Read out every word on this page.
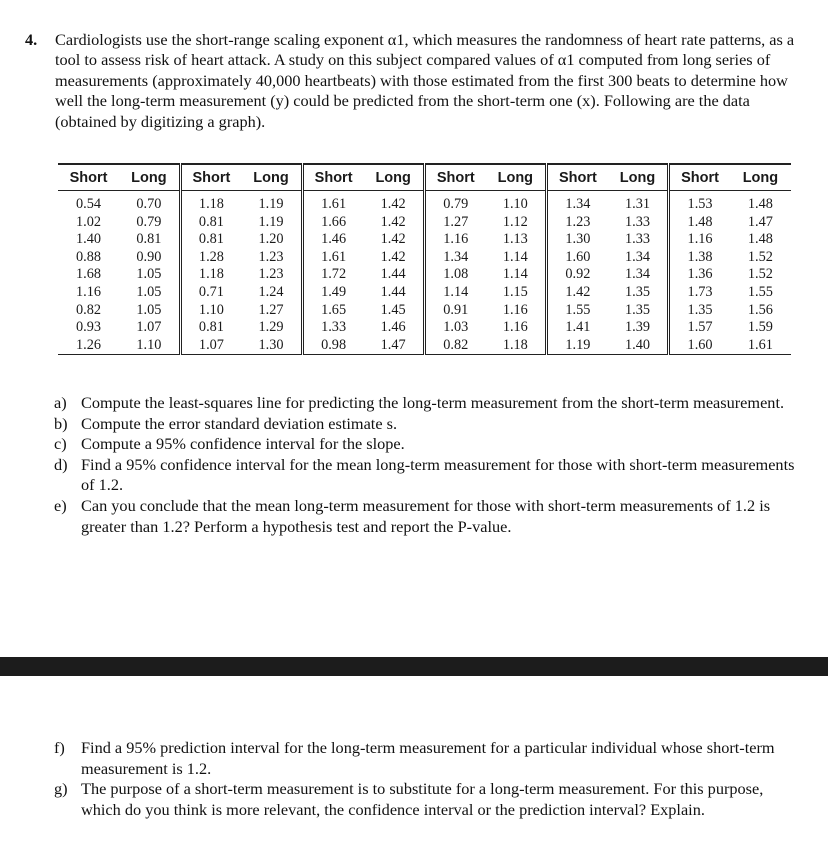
4. Cardiologists use the short-range scaling exponent α1, which measures the randomness of heart rate patterns, as a tool to assess risk of heart attack. A study on this subject compared values of α1 computed from long series of measurements (approximately 40,000 heartbeats) with those estimated from the first 300 beats to determine how well the long-term measurement (y) could be predicted from the short-term one (x). Following are the data (obtained by digitizing a graph).
Short	Long	Short	Long	Short	Long	Short	Long	Short	Long	Short	Long
0.54	0.70	1.18	1.19	1.61	1.42	0.79	1.10	1.34	1.31	1.53	1.48
1.02	0.79	0.81	1.19	1.66	1.42	1.27	1.12	1.23	1.33	1.48	1.47
1.40	0.81	0.81	1.20	1.46	1.42	1.16	1.13	1.30	1.33	1.16	1.48
0.88	0.90	1.28	1.23	1.61	1.42	1.34	1.14	1.60	1.34	1.38	1.52
1.68	1.05	1.18	1.23	1.72	1.44	1.08	1.14	0.92	1.34	1.36	1.52
1.16	1.05	0.71	1.24	1.49	1.44	1.14	1.15	1.42	1.35	1.73	1.55
0.82	1.05	1.10	1.27	1.65	1.45	0.91	1.16	1.55	1.35	1.35	1.56
0.93	1.07	0.81	1.29	1.33	1.46	1.03	1.16	1.41	1.39	1.57	1.59
1.26	1.10	1.07	1.30	0.98	1.47	0.82	1.18	1.19	1.40	1.60	1.61
a) Compute the least-squares line for predicting the long-term measurement from the short-term measurement.
b) Compute the error standard deviation estimate s.
c) Compute a 95% confidence interval for the slope.
d) Find a 95% confidence interval for the mean long-term measurement for those with short-term measurements of 1.2.
e) Can you conclude that the mean long-term measurement for those with short-term measurements of 1.2 is greater than 1.2? Perform a hypothesis test and report the P-value.
f) Find a 95% prediction interval for the long-term measurement for a particular individual whose short-term measurement is 1.2.
g) The purpose of a short-term measurement is to substitute for a long-term measurement. For this purpose, which do you think is more relevant, the confidence interval or the prediction interval? Explain.
